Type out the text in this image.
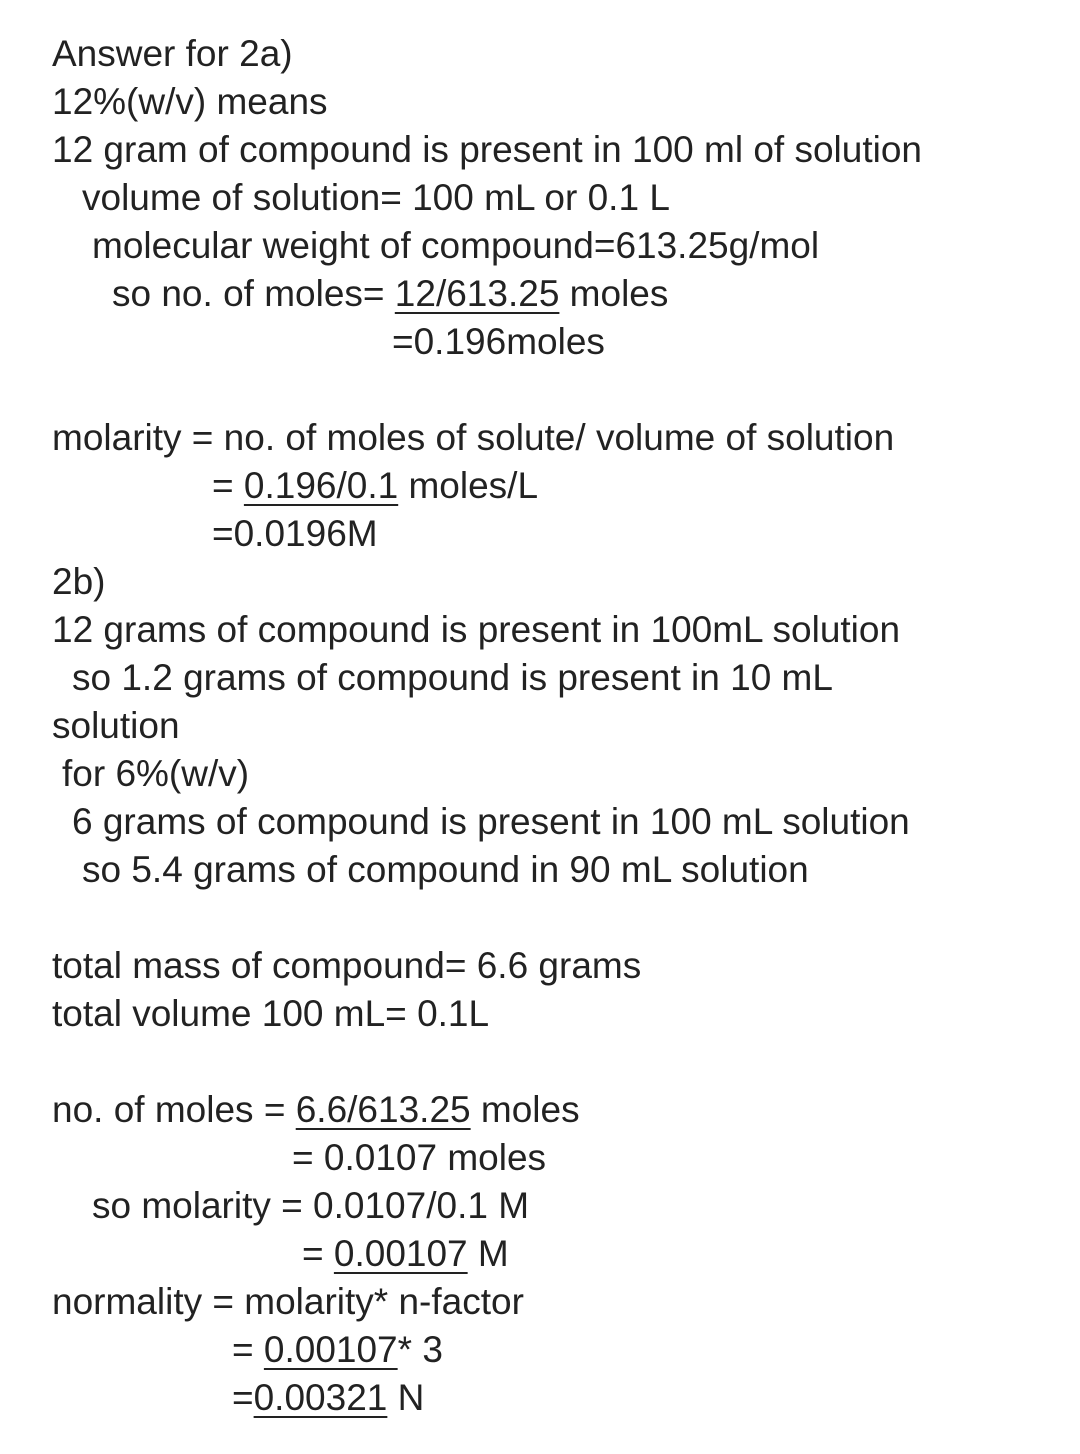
Answer for 2a)
12%(w/v) means
12 gram of compound is present in 100 ml of solution
volume of solution= 100 mL or 0.1 L
molecular weight of compound=613.25g/mol
so no. of moles= 12/613.25 moles
=0.196moles
molarity = no. of moles of solute/ volume of solution
= 0.196/0.1 moles/L
=0.0196M
2b)
12 grams of compound is present in 100mL solution
so 1.2 grams of compound is present in 10 mL
solution
for 6%(w/v)
6 grams of compound is present in 100 mL solution
so 5.4 grams of compound in 90 mL solution
total mass of compound= 6.6 grams
total volume 100 mL= 0.1L
no. of moles = 6.6/613.25 moles
= 0.0107 moles
so molarity = 0.0107/0.1 M
= 0.00107 M
normality = molarity* n-factor
= 0.00107* 3
=0.00321 N
